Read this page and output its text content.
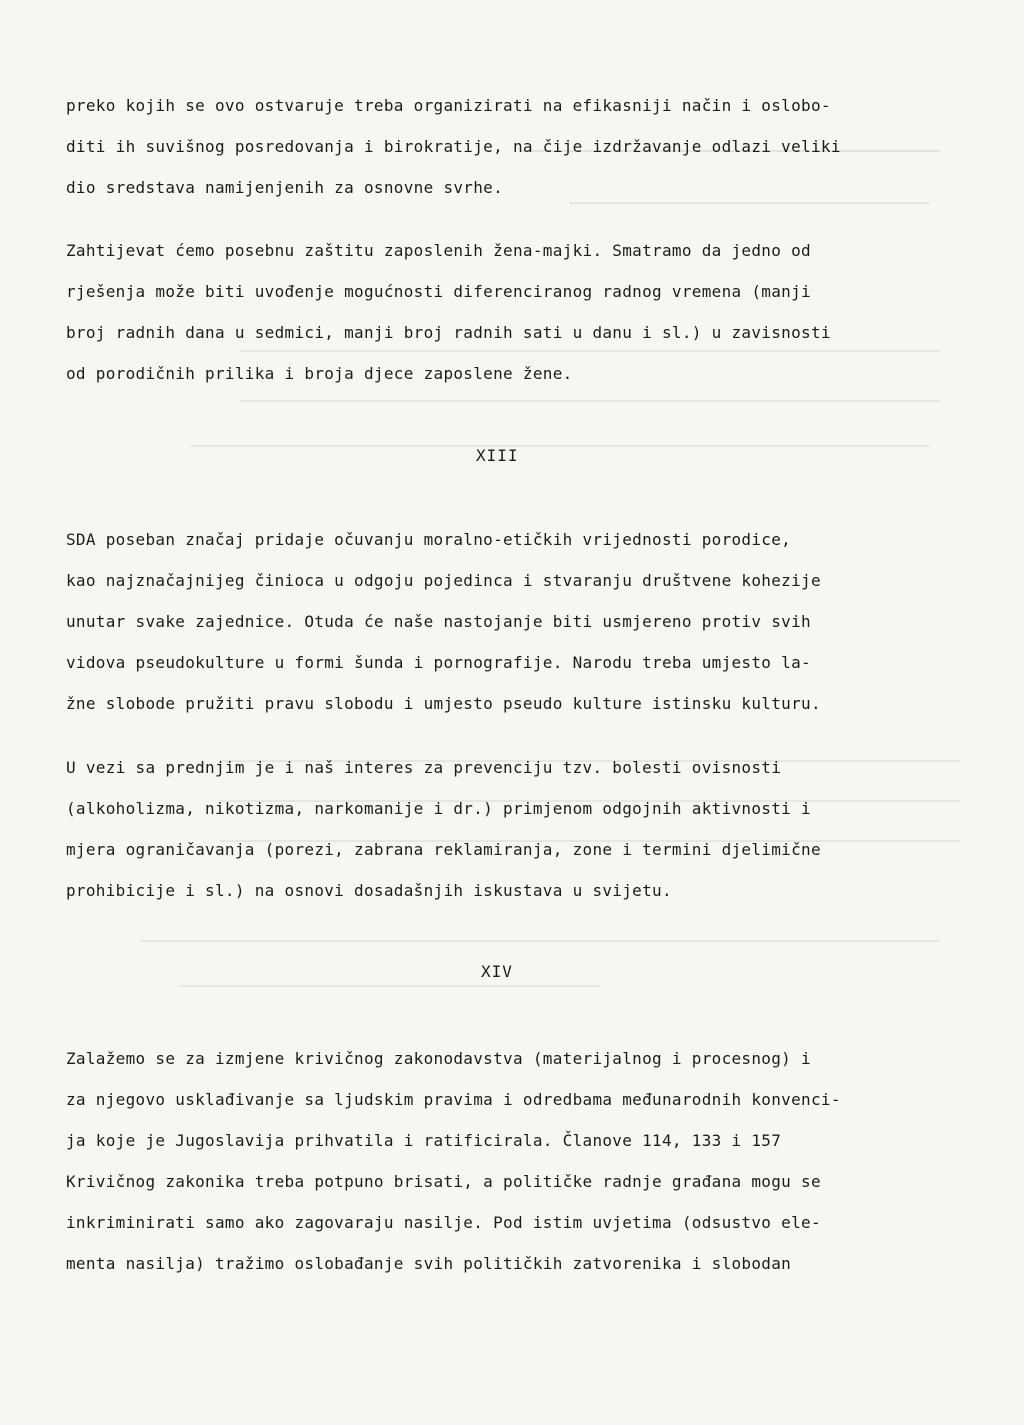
preko kojih se ovo ostvaruje treba organizirati na efikasniji način i oslobo-
diti ih suvišnog posredovanja i birokratije, na čije izdržavanje odlazi veliki
dio sredstava namijenjenih za osnovne svrhe.
Zahtijevat ćemo posebnu zaštitu zaposlenih žena-majki. Smatramo da jedno od
rješenja može biti uvođenje mogućnosti diferenciranog radnog vremena (manji
broj radnih dana u sedmici, manji broj radnih sati u danu i sl.) u zavisnosti
od porodičnih prilika i broja djece zaposlene žene.
XIII
SDA poseban značaj pridaje očuvanju moralno-etičkih vrijednosti porodice,
kao najznačajnijeg činioca u odgoju pojedinca i stvaranju društvene kohezije
unutar svake zajednice. Otuda će naše nastojanje biti usmjereno protiv svih
vidova pseudokulture u formi šunda i pornografije. Narodu treba umjesto la-
žne slobode pružiti pravu slobodu i umjesto pseudo kulture istinsku kulturu.
U vezi sa prednjim je i naš interes za prevenciju tzv. bolesti ovisnosti
(alkoholizma, nikotizma, narkomanije i dr.) primjenom odgojnih aktivnosti i
mjera ograničavanja (porezi, zabrana reklamiranja, zone i termini djelimične
prohibicije i sl.) na osnovi dosadašnjih iskustava u svijetu.
XIV
Zalažemo se za izmjene krivičnog zakonodavstva (materijalnog i procesnog) i
za njegovo usklađivanje sa ljudskim pravima i odredbama međunarodnih konvenci-
ja koje je Jugoslavija prihvatila i ratificirala. Članove 114, 133 i 157
Krivičnog zakonika treba potpuno brisati, a političke radnje građana mogu se
inkriminirati samo ako zagovaraju nasilje. Pod istim uvjetima (odsustvo ele-
menta nasilja) tražimo oslobađanje svih političkih zatvorenika i slobodan
